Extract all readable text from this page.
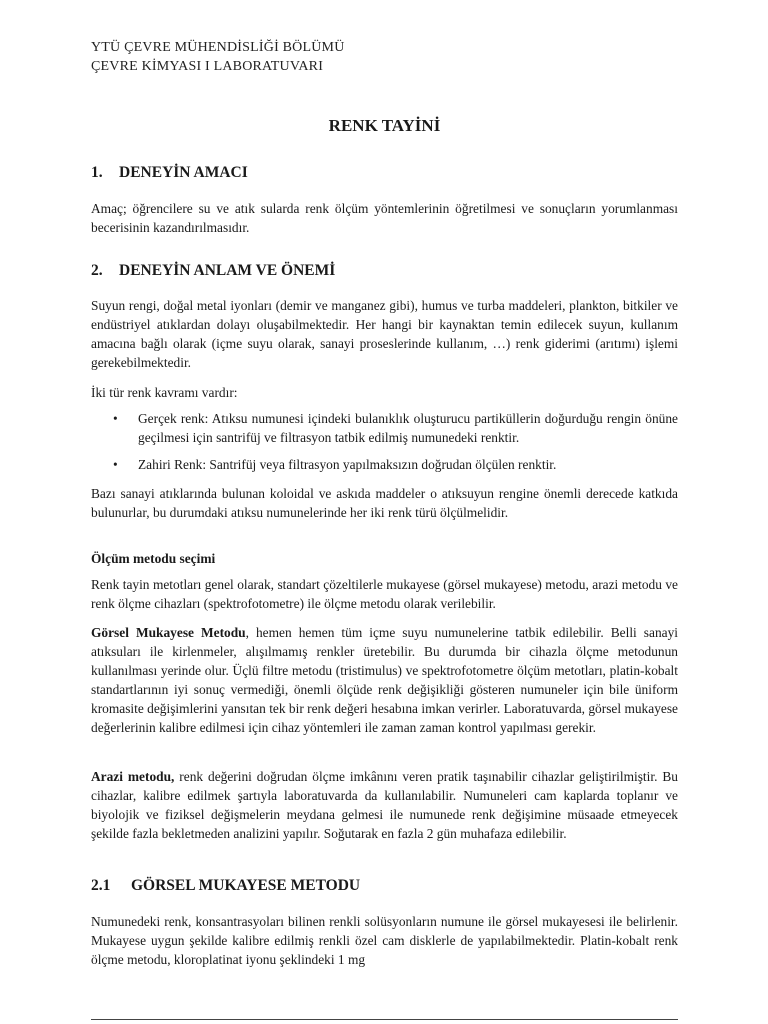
YTÜ ÇEVRE MÜHENDİSLİĞİ BÖLÜMÜ
ÇEVRE KİMYASI I LABORATUVARI
RENK TAYİNİ
1. DENEYİN AMACI
Amaç; öğrencilere su ve atık sularda renk ölçüm yöntemlerinin öğretilmesi ve sonuçların yorumlanması becerisinin kazandırılmasıdır.
2. DENEYİN ANLAM VE ÖNEMİ
Suyun rengi, doğal metal iyonları (demir ve manganez gibi), humus ve turba maddeleri, plankton, bitkiler ve endüstriyel atıklardan dolayı oluşabilmektedir. Her hangi bir kaynaktan temin edilecek suyun, kullanım amacına bağlı olarak (içme suyu olarak, sanayi proseslerinde kullanım, …) renk giderimi (arıtımı) işlemi gerekebilmektedir.
İki tür renk kavramı vardır:
• Gerçek renk: Atıksu numunesi içindeki bulanıklık oluşturucu partiküllerin doğurduğu rengin önüne geçilmesi için santrifüj ve filtrasyon tatbik edilmiş numunedeki renktir.
• Zahiri Renk: Santrifüj veya filtrasyon yapılmaksızın doğrudan ölçülen renktir.
Bazı sanayi atıklarında bulunan koloidal ve askıda maddeler o atıksuyun rengine önemli derecede katkıda bulunurlar, bu durumdaki atıksu numunelerinde her iki renk türü ölçülmelidir.
Ölçüm metodu seçimi
Renk tayin metotları genel olarak, standart çözeltilerle mukayese (görsel mukayese) metodu, arazi metodu ve renk ölçme cihazları (spektrofotometre) ile ölçme metodu olarak verilebilir.
Görsel Mukayese Metodu, hemen hemen tüm içme suyu numunelerine tatbik edilebilir. Belli sanayi atıksuları ile kirlenmeler, alışılmamış renkler üretebilir. Bu durumda bir cihazla ölçme metodunun kullanılması yerinde olur. Üçlü filtre metodu (tristimulus) ve spektrofotometre ölçüm metotları, platin-kobalt standartlarının iyi sonuç vermediği, önemli ölçüde renk değişikliği gösteren numuneler için bile üniform kromasite değişimlerini yansıtan tek bir renk değeri hesabına imkan verirler. Laboratuvarda, görsel mukayese değerlerinin kalibre edilmesi için cihaz yöntemleri ile zaman zaman kontrol yapılması gerekir.
Arazi metodu, renk değerini doğrudan ölçme imkânını veren pratik taşınabilir cihazlar geliştirilmiştir. Bu cihazlar, kalibre edilmek şartıyla laboratuvarda da kullanılabilir. Numuneleri cam kaplarda toplanır ve biyolojik ve fiziksel değişmelerin meydana gelmesi ile numunede renk değişimine müsaade etmeyecek şekilde fazla bekletmeden analizini yapılır. Soğutarak en fazla 2 gün muhafaza edilebilir.
2.1 GÖRSEL MUKAYESE METODU
Numunedeki renk, konsantrasyoları bilinen renkli solüsyonların numune ile görsel mukayesesi ile belirlenir. Mukayese uygun şekilde kalibre edilmiş renkli özel cam disklerle de yapılabilmektedir. Platin-kobalt renk ölçme metodu, kloroplatinat iyonu şeklindeki 1 mg
